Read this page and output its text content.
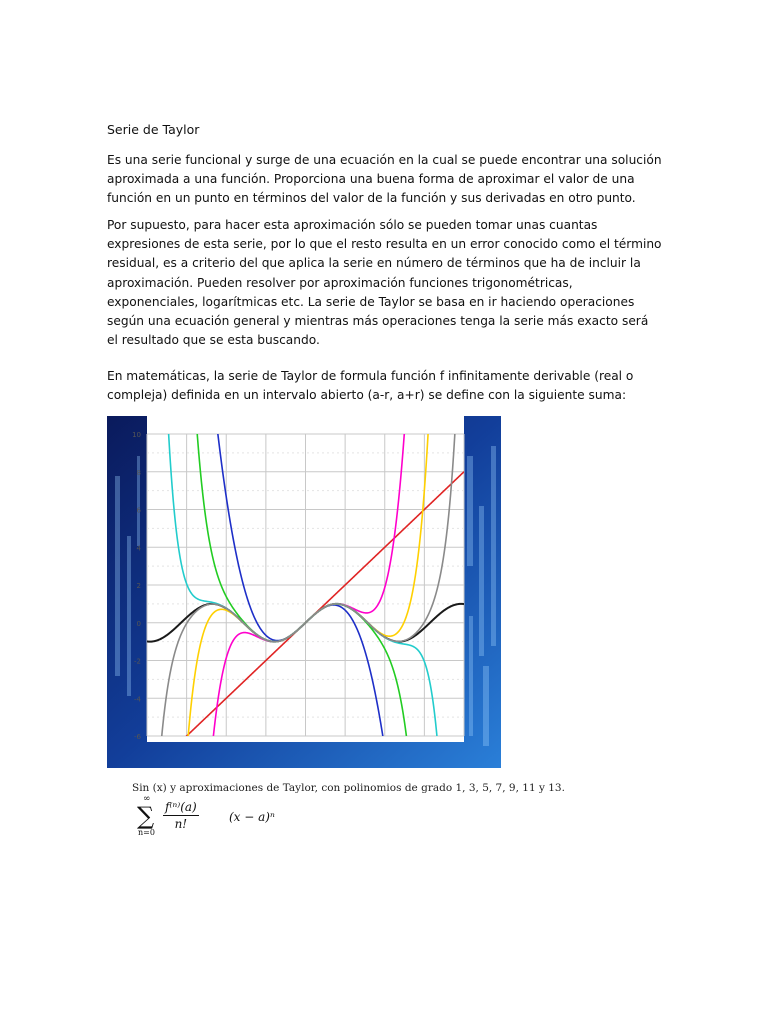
Serie de Taylor
Es una serie funcional y surge de una ecuación en la cual se puede encontrar una solución aproximada a una función. Proporciona una buena forma de aproximar el valor de una función en un punto en términos del valor de la función y sus derivadas en otro punto.
Por supuesto, para hacer esta aproximación sólo se pueden tomar unas cuantas expresiones de esta serie, por lo que el resto resulta en un error conocido como el término residual, es a criterio del que aplica la serie en número de términos que ha de incluir la aproximación. Pueden resolver por aproximación funciones trigonométricas, exponenciales, logarítmicas etc. La serie de Taylor se basa en ir haciendo operaciones según una ecuación general y mientras más operaciones tenga la serie más exacto será el resultado que se esta buscando.
En matemáticas, la serie de Taylor de formula función f infinitamente derivable (real o compleja) definida en un intervalo abierto (a-r, a+r) se define con la siguiente suma:
10
8
6
4
2
0
-2
-4
-6
Sin (x) y aproximaciones de Taylor, con polinomios de grado 1, 3, 5, 7, 9, 11 y 13.
∑
∞
n=0
$\frac{\text{f⁽ⁿ⁾(a)}}{n!}$	(x − a)ⁿ
